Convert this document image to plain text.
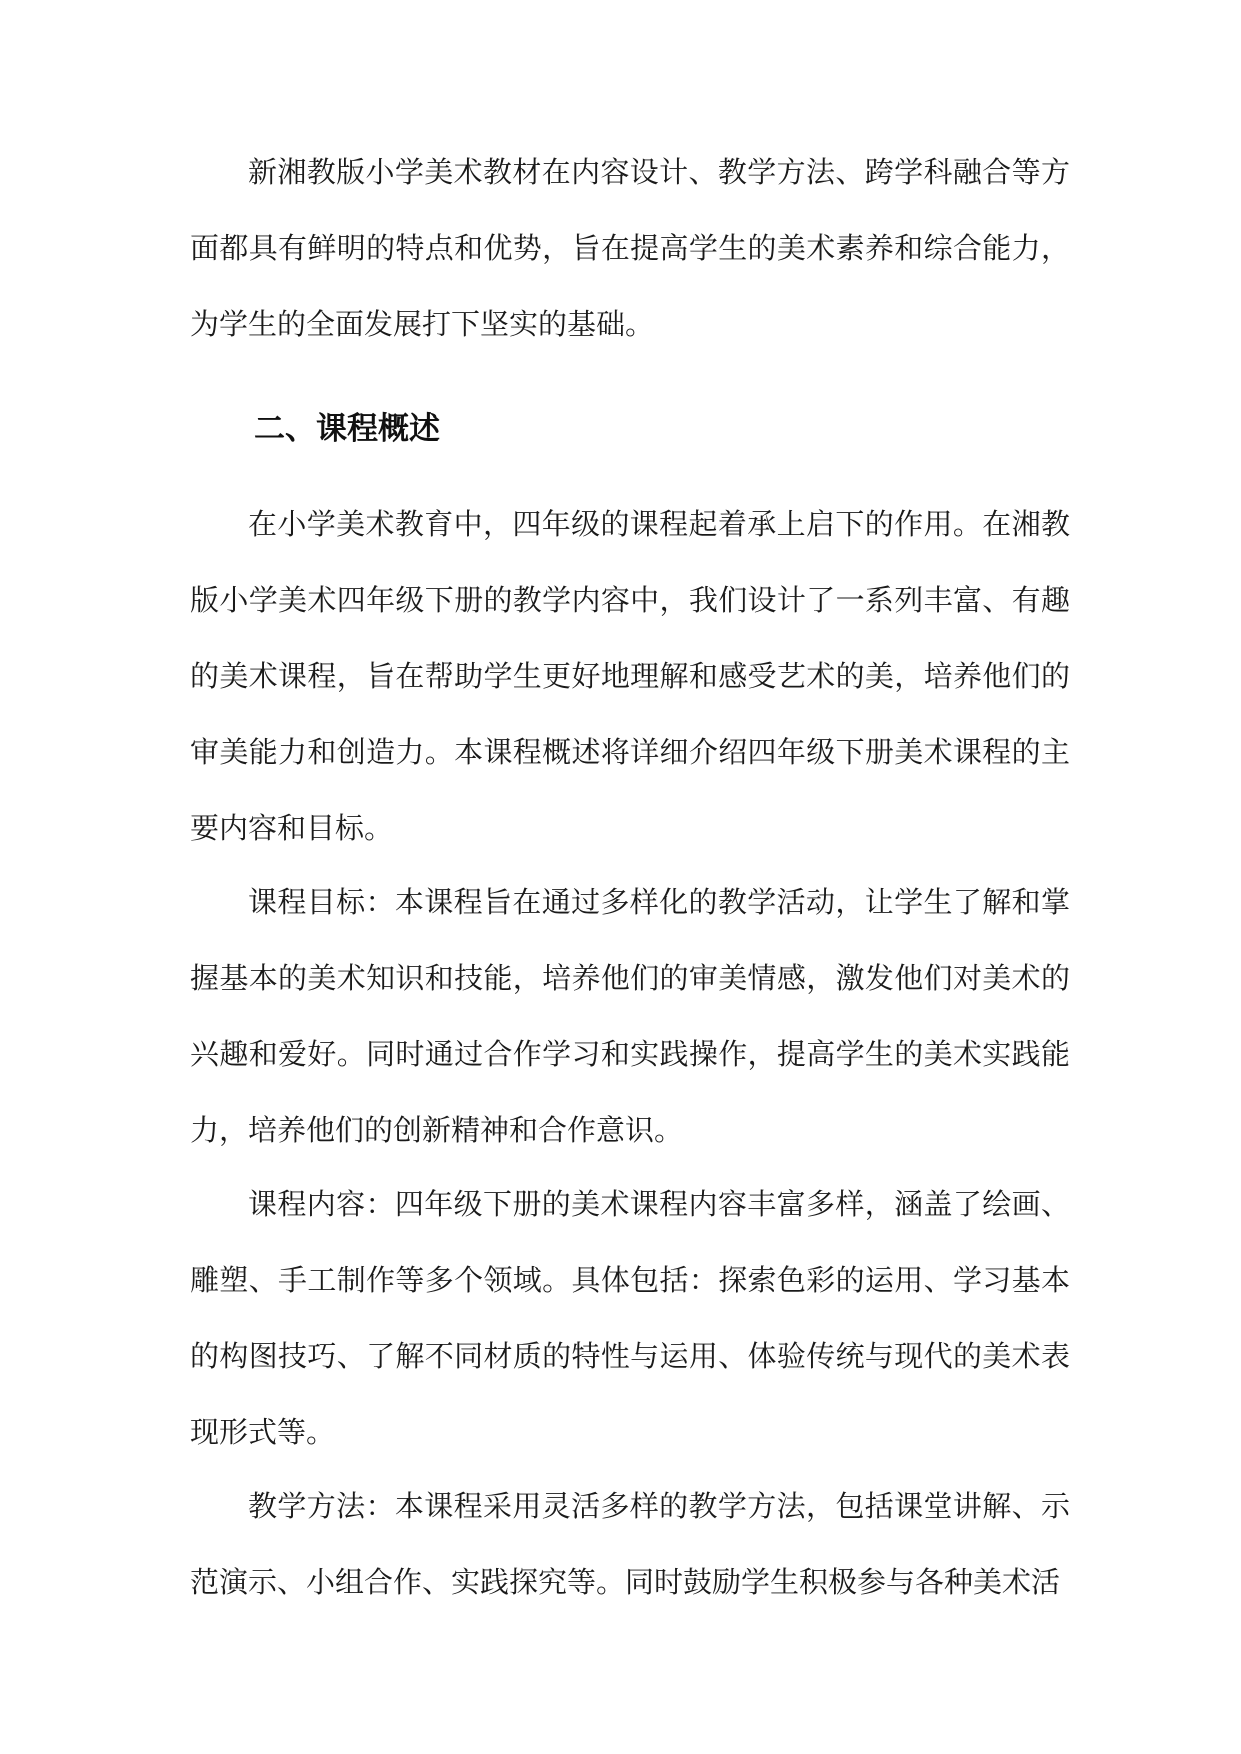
新湘教版小学美术教材在内容设计、教学方法、跨学科融合等方面都具有鲜明的特点和优势，旨在提高学生的美术素养和综合能力，为学生的全面发展打下坚实的基础。

二、课程概述

在小学美术教育中，四年级的课程起着承上启下的作用。在湘教版小学美术四年级下册的教学内容中，我们设计了一系列丰富、有趣的美术课程，旨在帮助学生更好地理解和感受艺术的美，培养他们的审美能力和创造力。本课程概述将详细介绍四年级下册美术课程的主要内容和目标。

课程目标：本课程旨在通过多样化的教学活动，让学生了解和掌握基本的美术知识和技能，培养他们的审美情感，激发他们对美术的兴趣和爱好。同时通过合作学习和实践操作，提高学生的美术实践能力，培养他们的创新精神和合作意识。

课程内容：四年级下册的美术课程内容丰富多样，涵盖了绘画、雕塑、手工制作等多个领域。具体包括：探索色彩的运用、学习基本的构图技巧、了解不同材质的特性与运用、体验传统与现代的美术表现形式等。

教学方法：本课程采用灵活多样的教学方法，包括课堂讲解、示范演示、小组合作、实践探究等。同时鼓励学生积极参与各种美术活
